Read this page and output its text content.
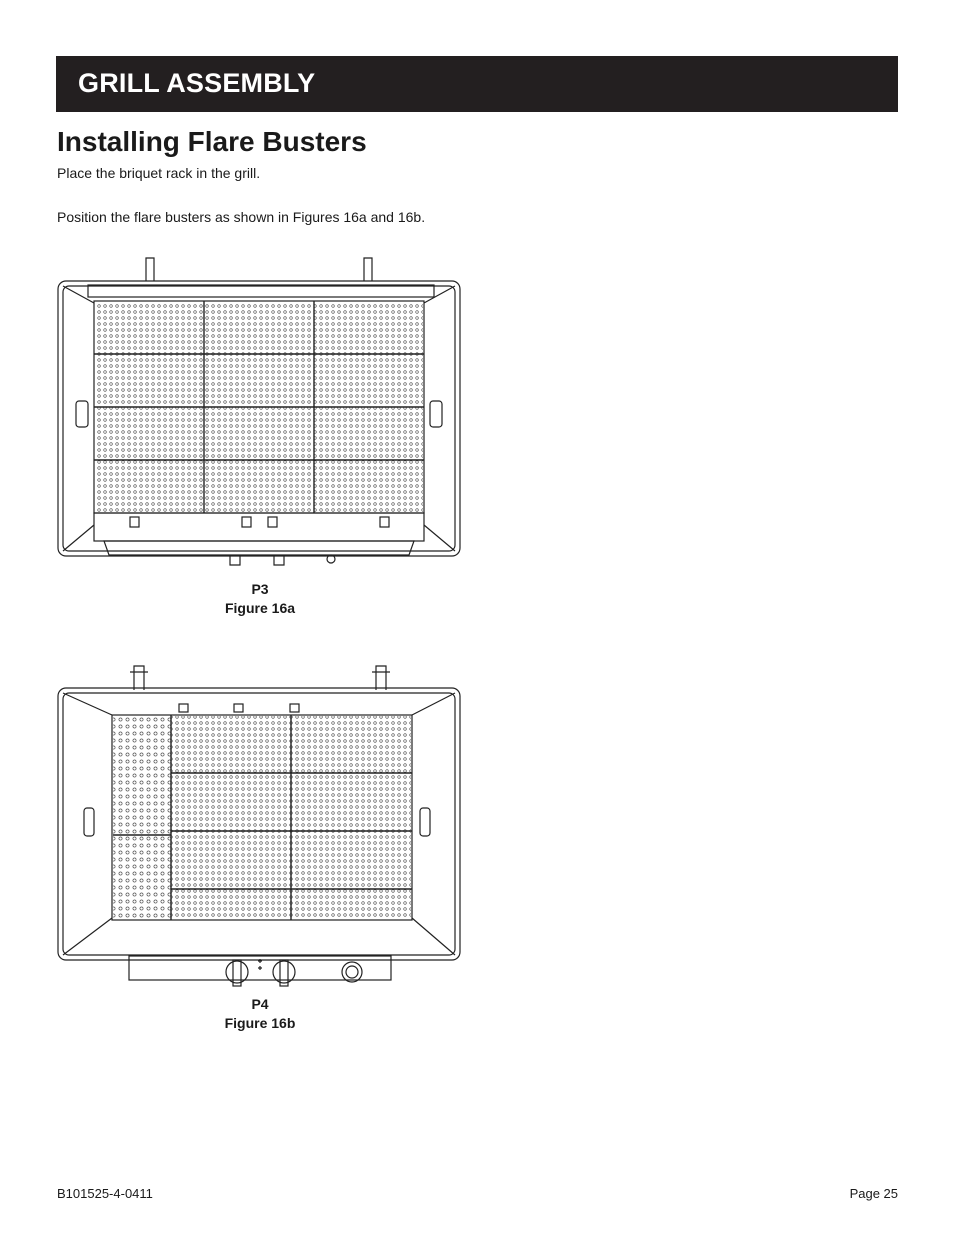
GRILL ASSEMBLY
Installing Flare Busters

Place the briquet rack in the grill.

Position the flare busters as shown in Figures 16a and 16b.

P3
Figure 16a
P4
Figure 16b
B101525-4-0411	Page 25
